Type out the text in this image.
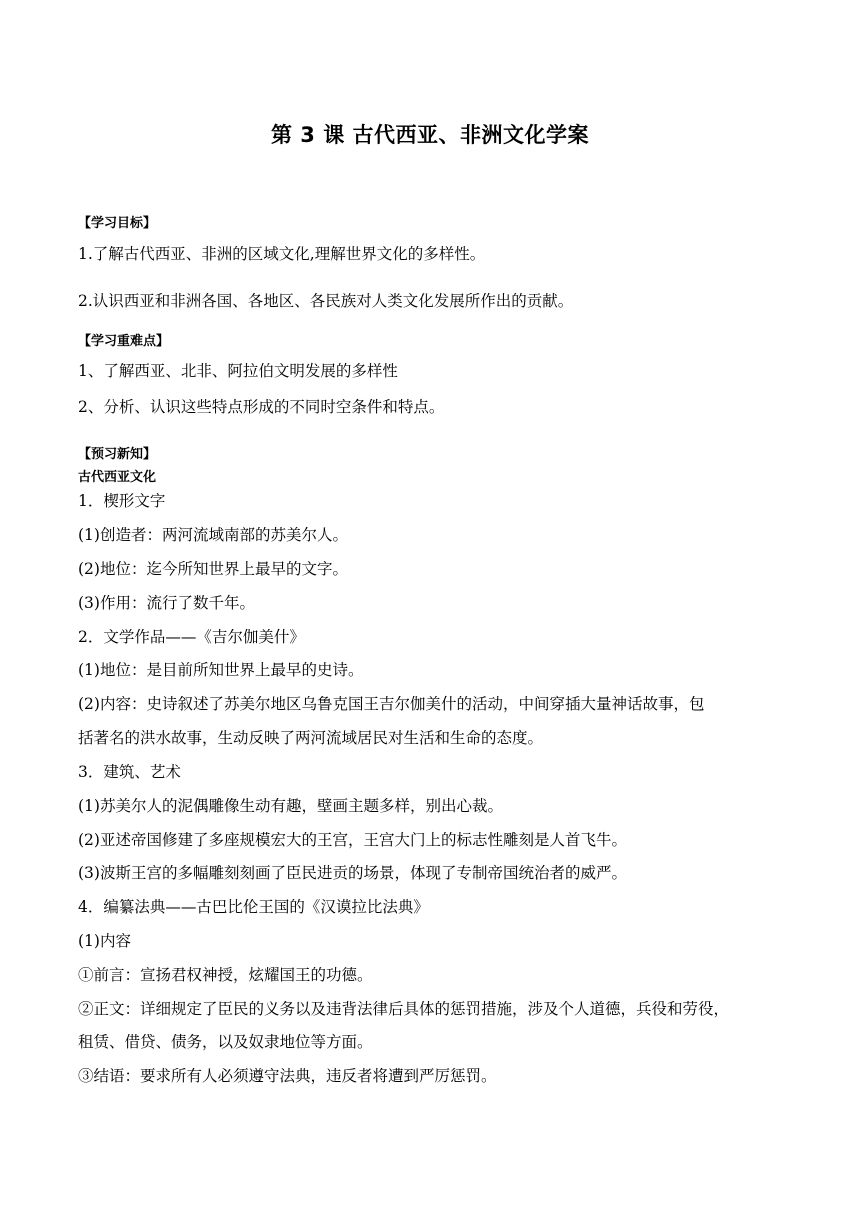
第 3 课 古代西亚、非洲文化学案
【学习目标】
1.了解古代西亚、非洲的区域文化,理解世界文化的多样性。
2.认识西亚和非洲各国、各地区、各民族对人类文化发展所作出的贡献。
【学习重难点】
1、了解西亚、北非、阿拉伯文明发展的多样性
2、分析、认识这些特点形成的不同时空条件和特点。
【预习新知】
古代西亚文化
1．楔形文字
(1)创造者：两河流域南部的苏美尔人。
(2)地位：迄今所知世界上最早的文字。
(3)作用：流行了数千年。
2．文学作品——《吉尔伽美什》
(1)地位：是目前所知世界上最早的史诗。
(2)内容：史诗叙述了苏美尔地区乌鲁克国王吉尔伽美什的活动，中间穿插大量神话故事，包
括著名的洪水故事，生动反映了两河流域居民对生活和生命的态度。
3．建筑、艺术
(1)苏美尔人的泥偶雕像生动有趣，壁画主题多样，别出心裁。
(2)亚述帝国修建了多座规模宏大的王宫，王宫大门上的标志性雕刻是人首飞牛。
(3)波斯王宫的多幅雕刻刻画了臣民进贡的场景，体现了专制帝国统治者的威严。
4．编纂法典——古巴比伦王国的《汉谟拉比法典》
(1)内容
①前言：宣扬君权神授，炫耀国王的功德。
②正文：详细规定了臣民的义务以及违背法律后具体的惩罚措施，涉及个人道德，兵役和劳役，
租赁、借贷、债务，以及奴隶地位等方面。
③结语：要求所有人必须遵守法典，违反者将遭到严厉惩罚。
